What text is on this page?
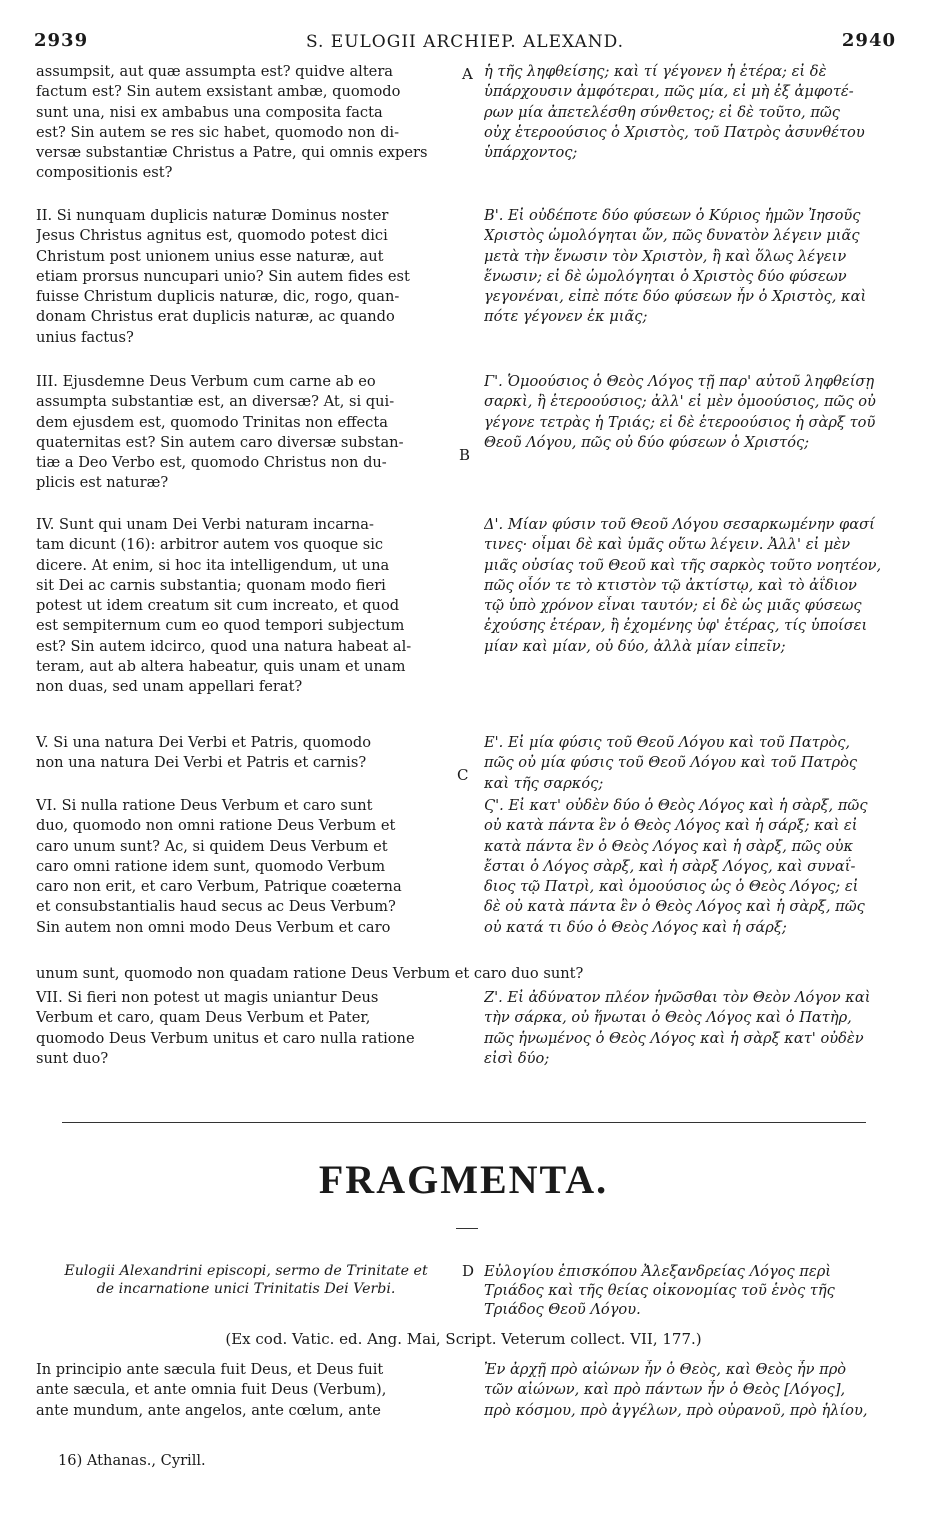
2939	S. EULOGII ARCHIEP. ALEXAND.	2940
A
B
C
D
assumpsit, aut quæ assumpta est? quidve altera
factum est? Sin autem exsistant ambæ, quomodo
sunt una, nisi ex ambabus una composita facta
est? Sin autem se res sic habet, quomodo non di-
versæ substantiæ Christus a Patre, qui omnis expers
compositionis est?
II. Si nunquam duplicis naturæ Dominus noster
Jesus Christus agnitus est, quomodo potest dici
Christum post unionem unius esse naturæ, aut
etiam prorsus nuncupari unio? Sin autem fides est
fuisse Christum duplicis naturæ, dic, rogo, quan-
donam Christus erat duplicis naturæ, ac quando
unius factus?
III. Ejusdemne Deus Verbum cum carne ab eo
assumpta substantiæ est, an diversæ? At, si qui-
dem ejusdem est, quomodo Trinitas non effecta
quaternitas est? Sin autem caro diversæ substan-
tiæ a Deo Verbo est, quomodo Christus non du-
plicis est naturæ?
IV. Sunt qui unam Dei Verbi naturam incarna-
tam dicunt (16): arbitror autem vos quoque sic
dicere. At enim, si hoc ita intelligendum, ut una
sit Dei ac carnis substantia; quonam modo fieri
potest ut idem creatum sit cum increato, et quod
est sempiternum cum eo quod tempori subjectum
est? Sin autem idcirco, quod una natura habeat al-
teram, aut ab altera habeatur, quis unam et unam
non duas, sed unam appellari ferat?
V. Si una natura Dei Verbi et Patris, quomodo
non una natura Dei Verbi et Patris et carnis?
VI. Si nulla ratione Deus Verbum et caro sunt
duo, quomodo non omni ratione Deus Verbum et
caro unum sunt? Ac, si quidem Deus Verbum et
caro omni ratione idem sunt, quomodo Verbum
caro non erit, et caro Verbum, Patrique coæterna
et consubstantialis haud secus ac Deus Verbum?
Sin autem non omni modo Deus Verbum et caro
unum sunt, quomodo non quadam ratione Deus Verbum et caro duo sunt?
VII. Si fieri non potest ut magis uniantur Deus
Verbum et caro, quam Deus Verbum et Pater,
quomodo Deus Verbum unitus et caro nulla ratione
sunt duo?
ἡ τῆς ληφθείσης; καὶ τί γέγονεν ἡ ἑτέρα; εἰ δὲ
ὑπάρχουσιν ἀμφότεραι, πῶς μία, εἰ μὴ ἐξ ἀμφοτέ-
ρων μία ἀπετελέσθη σύνθετος; εἰ δὲ τοῦτο, πῶς
οὐχ ἑτεροούσιος ὁ Χριστὸς, τοῦ Πατρὸς ἀσυνθέτου
ὑπάρχοντος;
Β'. Εἰ οὐδέποτε δύο φύσεων ὁ Κύριος ἡμῶν Ἰησοῦς
Χριστὸς ὡμολόγηται ὤν, πῶς δυνατὸν λέγειν μιᾶς
μετὰ τὴν ἕνωσιν τὸν Χριστὸν, ἢ καὶ ὅλως λέγειν
ἕνωσιν; εἰ δὲ ὡμολόγηται ὁ Χριστὸς δύο φύσεων
γεγονέναι, εἰπὲ πότε δύο φύσεων ἦν ὁ Χριστὸς, καὶ
πότε γέγονεν ἐκ μιᾶς;
Γ'. Ὁμοούσιος ὁ Θεὸς Λόγος τῇ παρ' αὐτοῦ ληφθείσῃ
σαρκὶ, ἢ ἑτεροούσιος; ἀλλ' εἰ μὲν ὁμοούσιος, πῶς οὐ
γέγονε τετρὰς ἡ Τριάς; εἰ δὲ ἑτεροούσιος ἡ σὰρξ τοῦ
Θεοῦ Λόγου, πῶς οὐ δύο φύσεων ὁ Χριστός;
Δ'. Μίαν φύσιν τοῦ Θεοῦ Λόγου σεσαρκωμένην φασί
τινες· οἶμαι δὲ καὶ ὑμᾶς οὕτω λέγειν. Ἀλλ' εἰ μὲν
μιᾶς οὐσίας τοῦ Θεοῦ καὶ τῆς σαρκὸς τοῦτο νοητέον,
πῶς οἷόν τε τὸ κτιστὸν τῷ ἀκτίστῳ, καὶ τὸ ἀΐδιον
τῷ ὑπὸ χρόνον εἶναι ταυτόν; εἰ δὲ ὡς μιᾶς φύσεως
ἐχούσης ἑτέραν, ἢ ἐχομένης ὑφ' ἑτέρας, τίς ὑποίσει
μίαν καὶ μίαν, οὐ δύο, ἀλλὰ μίαν εἰπεῖν;
Ε'. Εἰ μία φύσις τοῦ Θεοῦ Λόγου καὶ τοῦ Πατρὸς,
πῶς οὐ μία φύσις τοῦ Θεοῦ Λόγου καὶ τοῦ Πατρὸς
καὶ τῆς σαρκός;
Ϛ'. Εἰ κατ' οὐδὲν δύο ὁ Θεὸς Λόγος καὶ ἡ σὰρξ, πῶς
οὐ κατὰ πάντα ἓν ὁ Θεὸς Λόγος καὶ ἡ σάρξ; καὶ εἰ
κατὰ πάντα ἓν ὁ Θεὸς Λόγος καὶ ἡ σὰρξ, πῶς οὐκ
ἔσται ὁ Λόγος σὰρξ, καὶ ἡ σὰρξ Λόγος, καὶ συναΐ-
διος τῷ Πατρὶ, καὶ ὁμοούσιος ὡς ὁ Θεὸς Λόγος; εἰ
δὲ οὐ κατὰ πάντα ἓν ὁ Θεὸς Λόγος καὶ ἡ σὰρξ, πῶς
οὐ κατά τι δύο ὁ Θεὸς Λόγος καὶ ἡ σάρξ;
Ζ'. Εἰ ἀδύνατον πλέον ἡνῶσθαι τὸν Θεὸν Λόγον καὶ
τὴν σάρκα, οὐ ἥνωται ὁ Θεὸς Λόγος καὶ ὁ Πατὴρ,
πῶς ἡνωμένος ὁ Θεὸς Λόγος καὶ ἡ σὰρξ κατ' οὐδὲν
εἰσὶ δύο;
FRAGMENTA.
Eulogii Alexandrini episcopi, sermo de Trinitate et
de incarnatione unici Trinitatis Dei Verbi.
Εὐλογίου ἐπισκόπου Ἀλεξανδρείας Λόγος περὶ
Τριάδος καὶ τῆς θείας οἰκονομίας τοῦ ἑνὸς τῆς
Τριάδος Θεοῦ Λόγου.
(Ex cod. Vatic. ed. Ang. Mai, Script. Veterum collect. VII, 177.)
In principio ante sæcula fuit Deus, et Deus fuit
ante sæcula, et ante omnia fuit Deus (Verbum),
ante mundum, ante angelos, ante cœlum, ante
Ἐν ἀρχῇ πρὸ αἰώνων ἦν ὁ Θεὸς, καὶ Θεὸς ἦν πρὸ
τῶν αἰώνων, καὶ πρὸ πάντων ἦν ὁ Θεὸς [Λόγος],
πρὸ κόσμου, πρὸ ἀγγέλων, πρὸ οὐρανοῦ, πρὸ ἡλίου,
16) Athanas., Cyrill.
